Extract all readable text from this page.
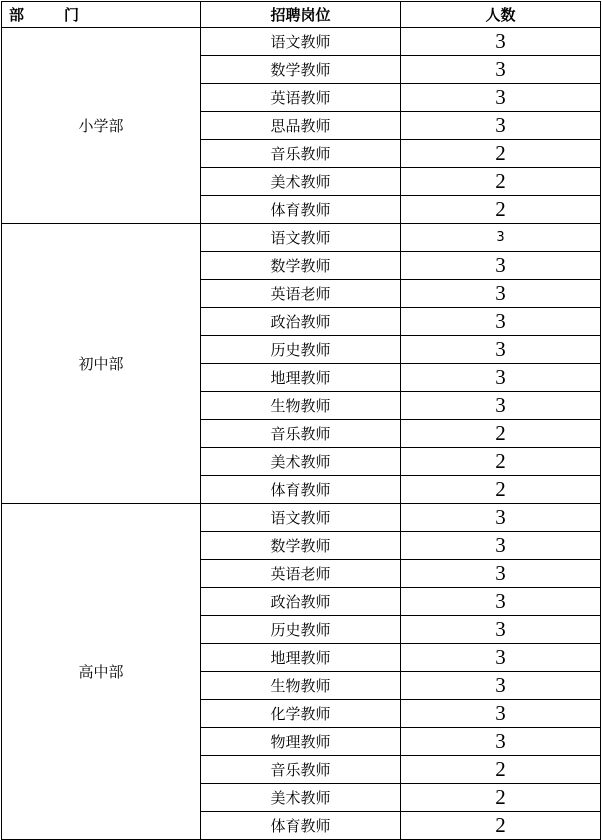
部 门	招聘岗位	人数
小学部	语文教师	3
	数学教师	3
	英语教师	3
	思品教师	3
	音乐教师	2
	美术教师	2
	体育教师	2
初中部	语文教师	3
	数学教师	3
	英语老师	3
	政治教师	3
	历史教师	3
	地理教师	3
	生物教师	3
	音乐教师	2
	美术教师	2
	体育教师	2
高中部	语文教师	3
	数学教师	3
	英语老师	3
	政治教师	3
	历史教师	3
	地理教师	3
	生物教师	3
	化学教师	3
	物理教师	3
	音乐教师	2
	美术教师	2
	体育教师	2
